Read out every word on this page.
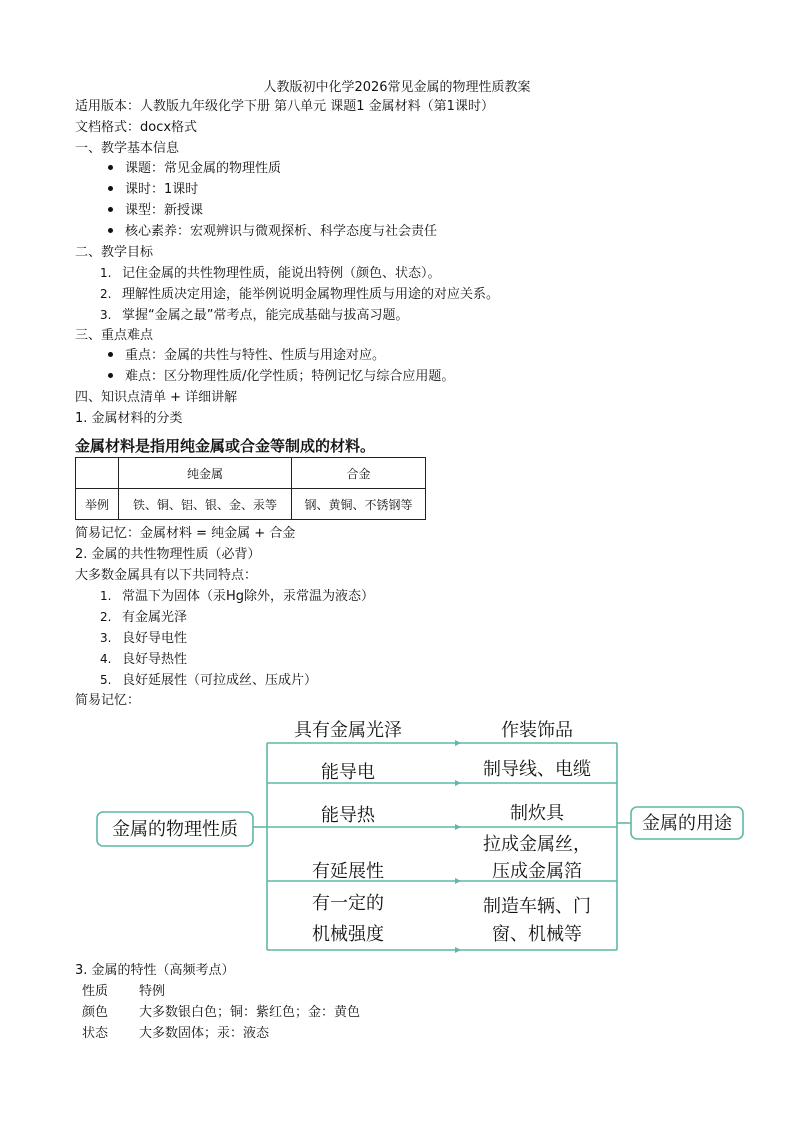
人教版初中化学2026常见金属的物理性质教案
适用版本：人教版九年级化学下册 第八单元 课题1 金属材料（第1课时）
文档格式：docx格式
一、教学基本信息
课题：常见金属的物理性质
课时：1课时
课型：新授课
核心素养：宏观辨识与微观探析、科学态度与社会责任
二、教学目标
1. 记住金属的共性物理性质，能说出特例（颜色、状态）。
2. 理解性质决定用途，能举例说明金属物理性质与用途的对应关系。
3. 掌握“金属之最”常考点，能完成基础与拔高习题。
三、重点难点
重点：金属的共性与特性、性质与用途对应。
难点：区分物理性质/化学性质；特例记忆与综合应用题。
四、知识点清单 + 详细讲解
1. 金属材料的分类
金属材料是指用纯金属或合金等制成的材料。
	纯金属	合金
举例	铁、铜、铝、银、金、汞等	钢、黄铜、不锈钢等
简易记忆：金属材料 = 纯金属 + 合金
2. 金属的共性物理性质（必背）
大多数金属具有以下共同特点：
1. 常温下为固体（汞Hg除外，汞常温为液态）
2. 有金属光泽
3. 良好导电性
4. 良好导热性
5. 良好延展性（可拉成丝、压成片）
简易记忆：
金属的物理性质	金属的用途
具有金属光泽
能导电
能导热
有延展性
有一定的
机械强度
作装饰品
制导线、电缆
制炊具
拉成金属丝，
压成金属箔
制造车辆、门
窗、机械等
3. 金属的特性（高频考点）
性质 特例
颜色 大多数银白色；铜：紫红色；金：黄色
状态 大多数固体；汞：液态
